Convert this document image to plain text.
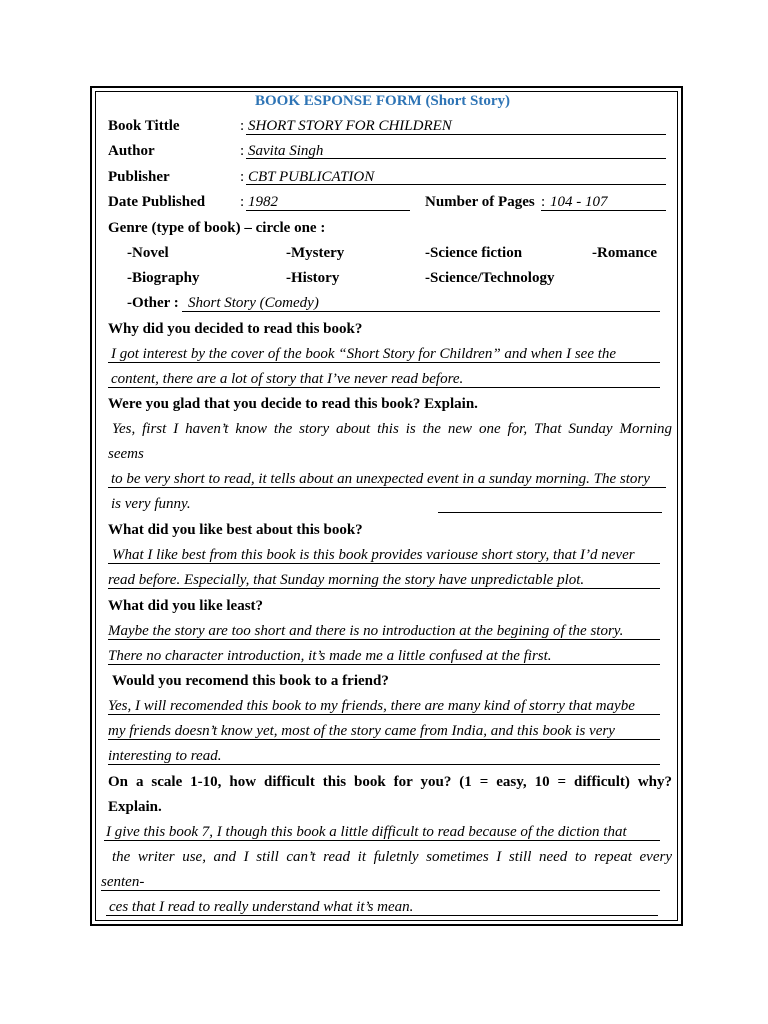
BOOK ESPONSE FORM (Short Story)
Book Tittle	: SHORT STORY FOR CHILDREN
Author	: Savita Singh
Publisher	: CBT PUBLICATION
Date Published : 1982	Number of Pages : 104 - 107
Genre (type of book) – circle one :
-Novel	-Mystery	-Science fiction	-Romance
-Biography	-History	-Science/Technology
-Other : Short Story (Comedy)
Why did you decided to read this book?
I got interest by the cover of the book “Short Story for Children” and when I see the
content, there are a lot of story that I’ve never read before.
Were you glad that you decide to read this book? Explain.
Yes, first I haven’t know the story about this is the new one for, That Sunday Morning
seems
to be very short to read, it tells about an unexpected event in a sunday morning. The story
is very funny.
What did you like best about this book?
What I like best from this book is this book provides variouse short story, that I’d never
read before. Especially, that Sunday morning the story have unpredictable plot.
What did you like least?
Maybe the story are too short and there is no introduction at the begining of the story.
There no character introduction, it’s made me a little confused at the first.
Would you recomend this book to a friend?
Yes, I will recomended this book to my friends, there are many kind of storry that maybe
my friends doesn’t know yet, most of the story came from India, and this book is very
interesting to read.
On a scale 1-10, how difficult this book for you? (1 = easy, 10 = difficult) why?
Explain.
I give this book 7, I though this book a little difficult to read because of the diction that
the writer use, and I still can’t read it fuletnly sometimes I still need to repeat every
senten-
ces that I read to really understand what it’s mean.
